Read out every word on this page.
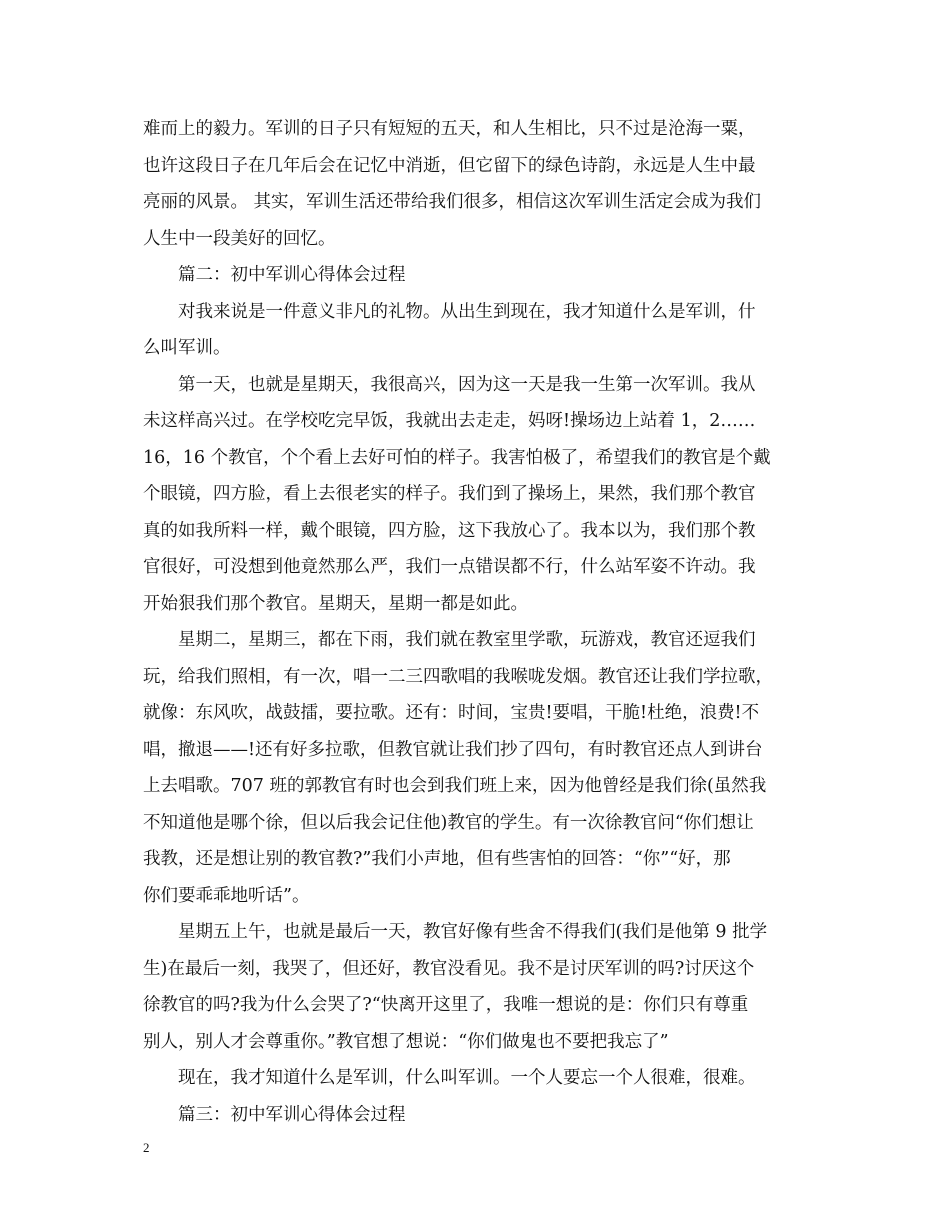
难而上的毅力。军训的日子只有短短的五天，和人生相比，只不过是沧海一粟，
也许这段日子在几年后会在记忆中消逝，但它留下的绿色诗韵，永远是人生中最
亮丽的风景。 其实，军训生活还带给我们很多，相信这次军训生活定会成为我们
人生中一段美好的回忆。
篇二：初中军训心得体会过程
对我来说是一件意义非凡的礼物。从出生到现在，我才知道什么是军训，什
么叫军训。
第一天，也就是星期天，我很高兴，因为这一天是我一生第一次军训。我从
未这样高兴过。在学校吃完早饭，我就出去走走，妈呀!操场边上站着 1，2……
16，16 个教官，个个看上去好可怕的样子。我害怕极了，希望我们的教官是个戴
个眼镜，四方脸，看上去很老实的样子。我们到了操场上，果然，我们那个教官
真的如我所料一样，戴个眼镜，四方脸，这下我放心了。我本以为，我们那个教
官很好，可没想到他竟然那么严，我们一点错误都不行，什么站军姿不许动。我
开始狠我们那个教官。星期天，星期一都是如此。
星期二，星期三，都在下雨，我们就在教室里学歌，玩游戏，教官还逗我们
玩，给我们照相，有一次，唱一二三四歌唱的我喉咙发烟。教官还让我们学拉歌，
就像：东风吹，战鼓擂，要拉歌。还有：时间，宝贵!要唱，干脆!杜绝，浪费!不
唱，撤退——!还有好多拉歌，但教官就让我们抄了四句，有时教官还点人到讲台
上去唱歌。707 班的郭教官有时也会到我们班上来，因为他曾经是我们徐(虽然我
不知道他是哪个徐，但以后我会记住他)教官的学生。有一次徐教官问“你们想让
我教，还是想让别的教官教?”我们小声地，但有些害怕的回答：“你”“好，那
你们要乖乖地听话”。
星期五上午，也就是最后一天，教官好像有些舍不得我们(我们是他第 9 批学
生)在最后一刻，我哭了，但还好，教官没看见。我不是讨厌军训的吗?讨厌这个
徐教官的吗?我为什么会哭了?“快离开这里了，我唯一想说的是：你们只有尊重
别人，别人才会尊重你。”教官想了想说：“你们做鬼也不要把我忘了”
现在，我才知道什么是军训，什么叫军训。一个人要忘一个人很难，很难。
篇三：初中军训心得体会过程
2
